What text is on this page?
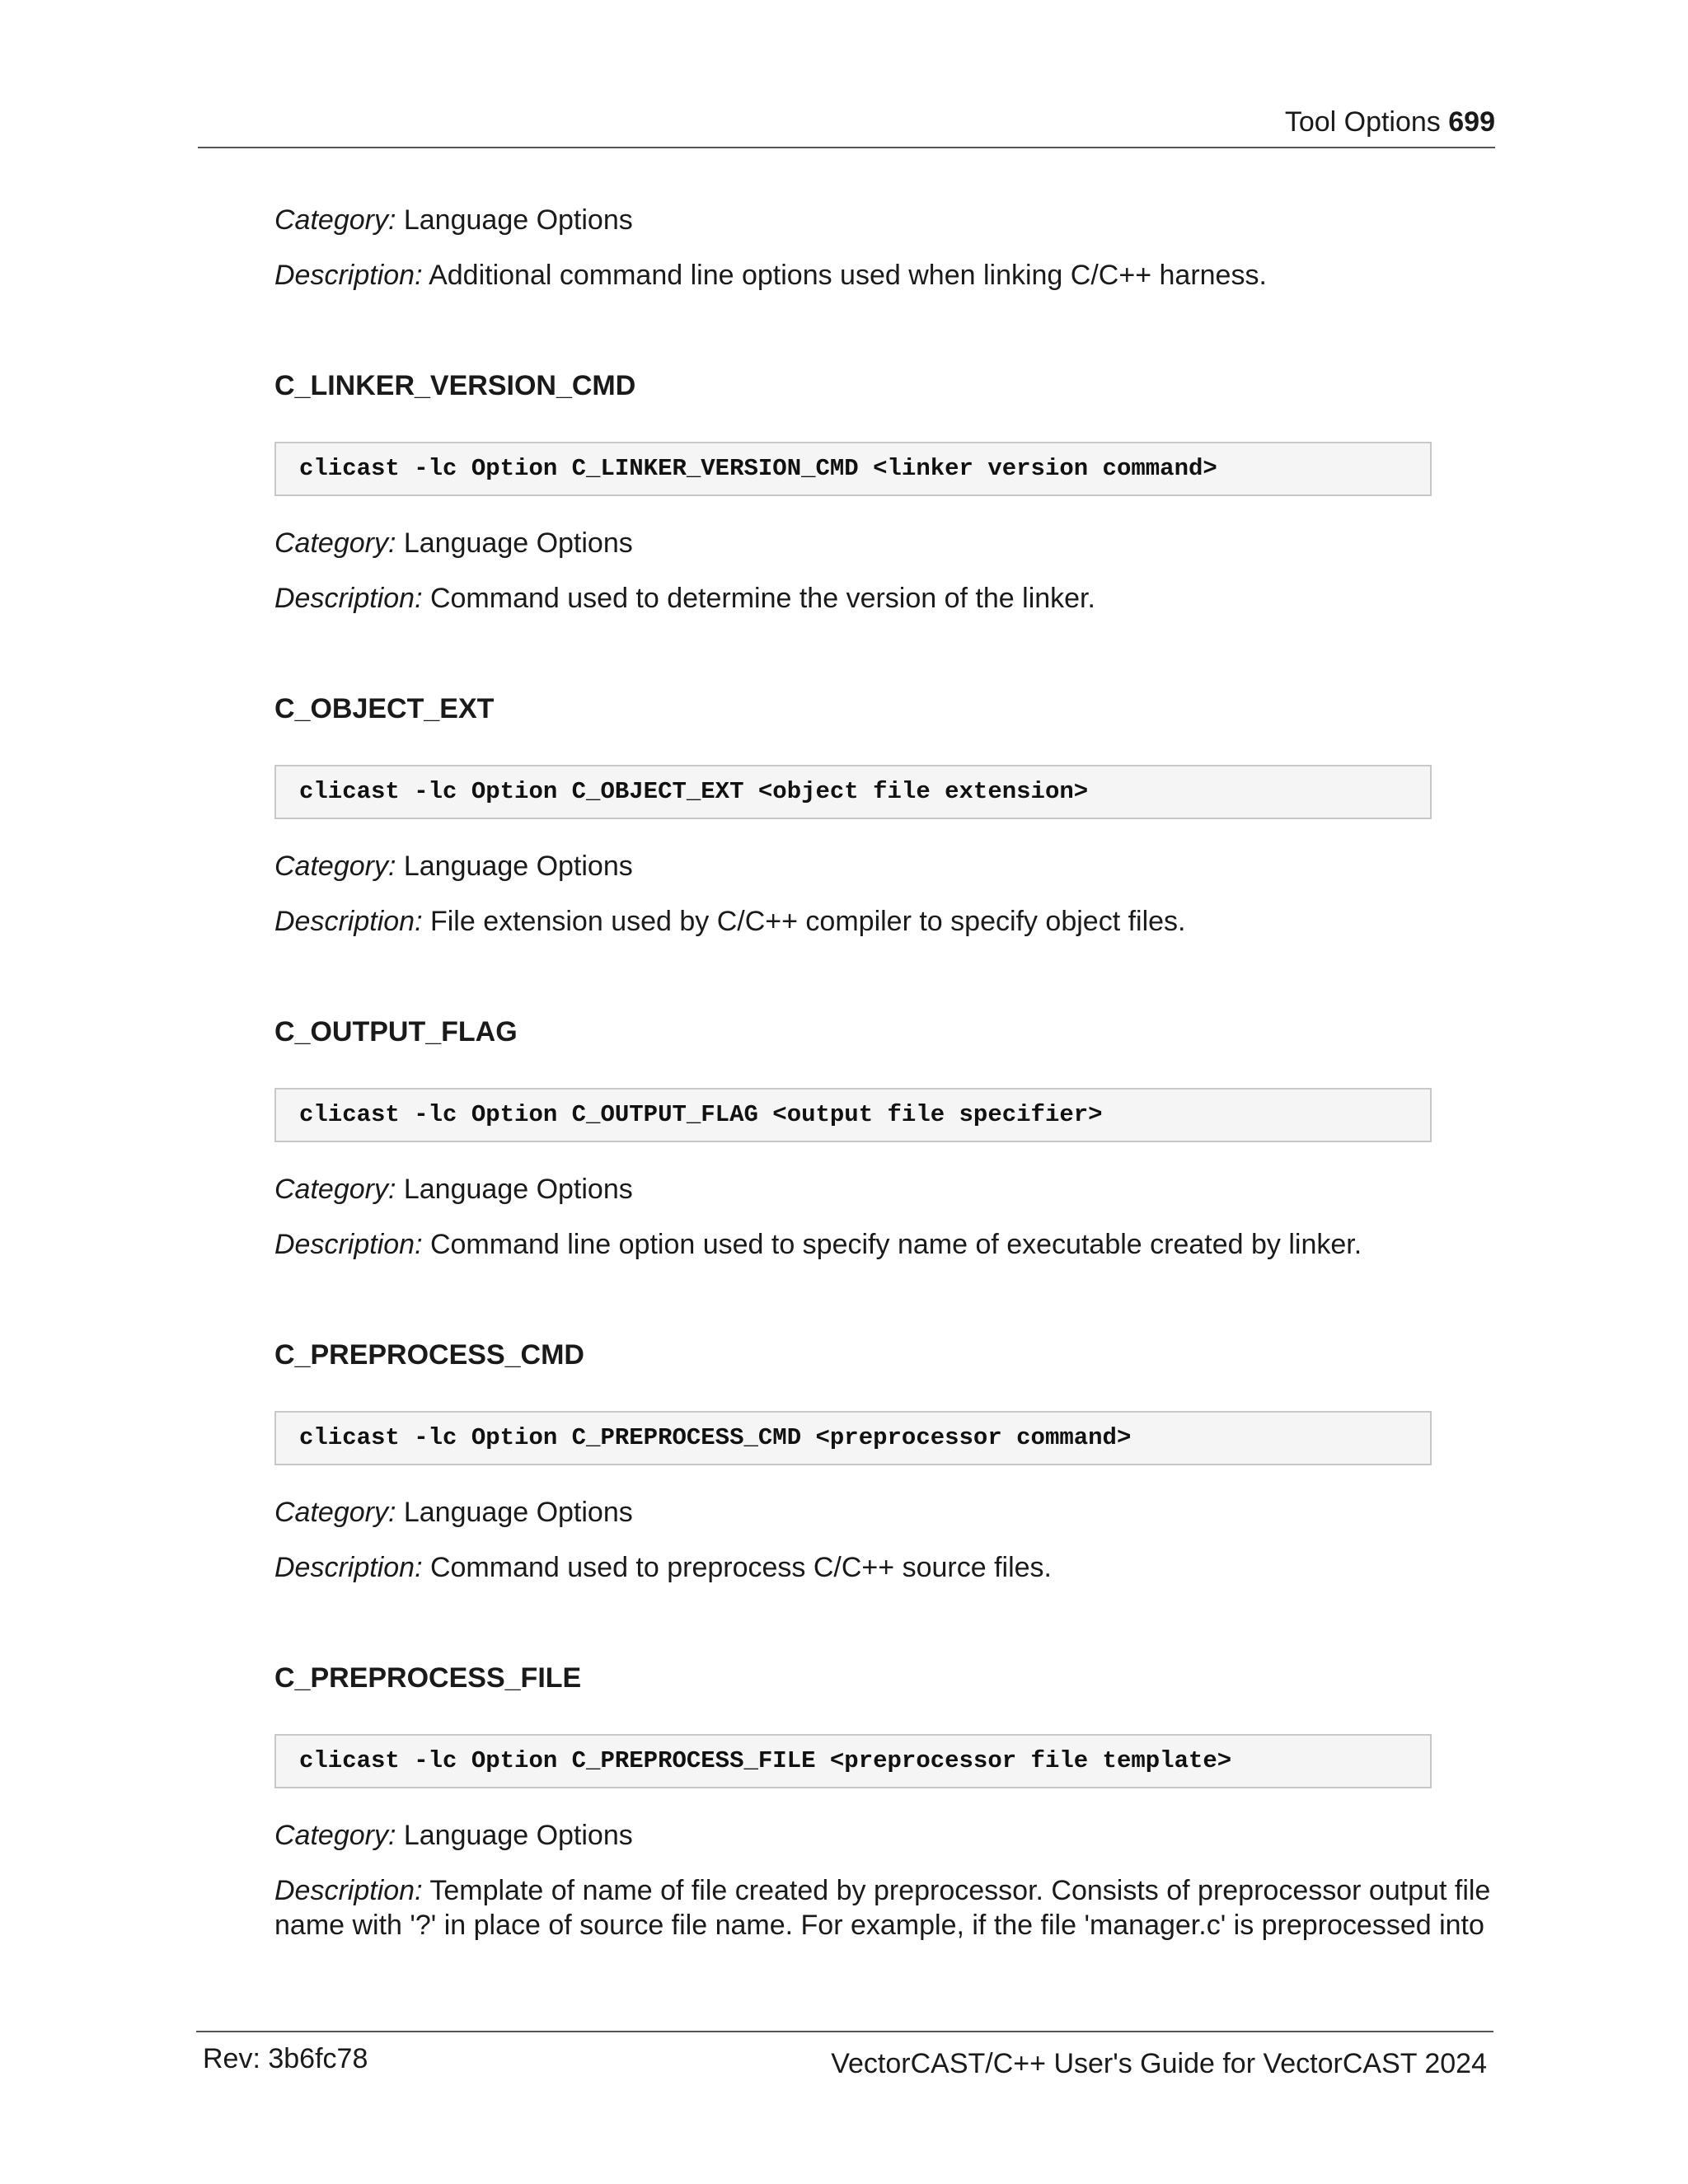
Tool Options 699
Category: Language Options
Description: Additional command line options used when linking C/C++ harness.
C_LINKER_VERSION_CMD
clicast -lc Option C_LINKER_VERSION_CMD <linker version command>
Category: Language Options
Description: Command used to determine the version of the linker.
C_OBJECT_EXT
clicast -lc Option C_OBJECT_EXT <object file extension>
Category: Language Options
Description: File extension used by C/C++ compiler to specify object files.
C_OUTPUT_FLAG
clicast -lc Option C_OUTPUT_FLAG <output file specifier>
Category: Language Options
Description: Command line option used to specify name of executable created by linker.
C_PREPROCESS_CMD
clicast -lc Option C_PREPROCESS_CMD <preprocessor command>
Category: Language Options
Description: Command used to preprocess C/C++ source files.
C_PREPROCESS_FILE
clicast -lc Option C_PREPROCESS_FILE <preprocessor file template>
Category: Language Options
Description: Template of name of file created by preprocessor. Consists of preprocessor output file
name with '?' in place of source file name. For example, if the file 'manager.c' is preprocessed into
Rev: 3b6fc78	VectorCAST/C++ User's Guide for VectorCAST 2024
